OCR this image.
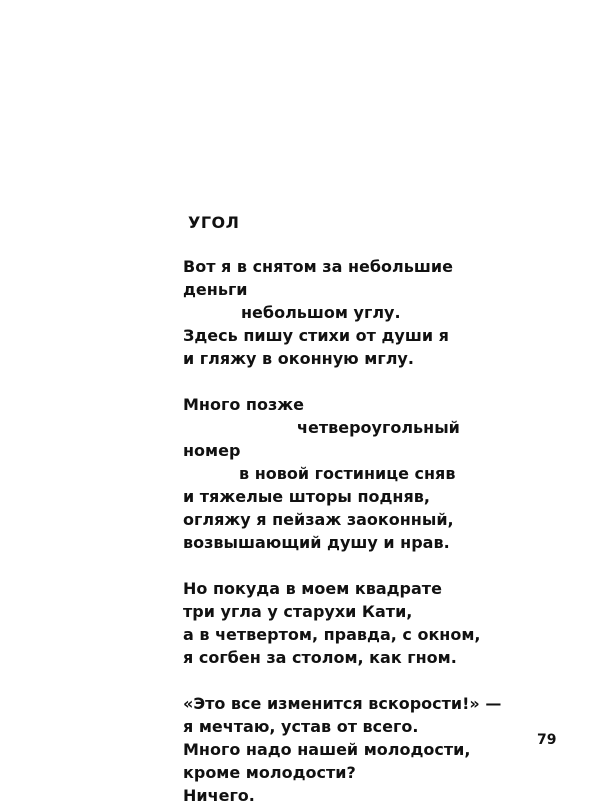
УГОЛ
Вот я в снятом за небольшие
деньги
небольшом углу.
Здесь пишу стихи от души я
и гляжу в оконную мглу.
Много позже
четвероугольный
номер
в новой гостинице сняв
и тяжелые шторы подняв,
огляжу я пейзаж заоконный,
возвышающий душу и нрав.
Но покуда в моем квадрате
три угла у старухи Кати,
а в четвертом, правда, с окном,
я согбен за столом, как гном.
«Это все изменится вскорости!» —
я мечтаю, устав от всего.
Много надо нашей молодости,
кроме молодости?
Ничего.
79
